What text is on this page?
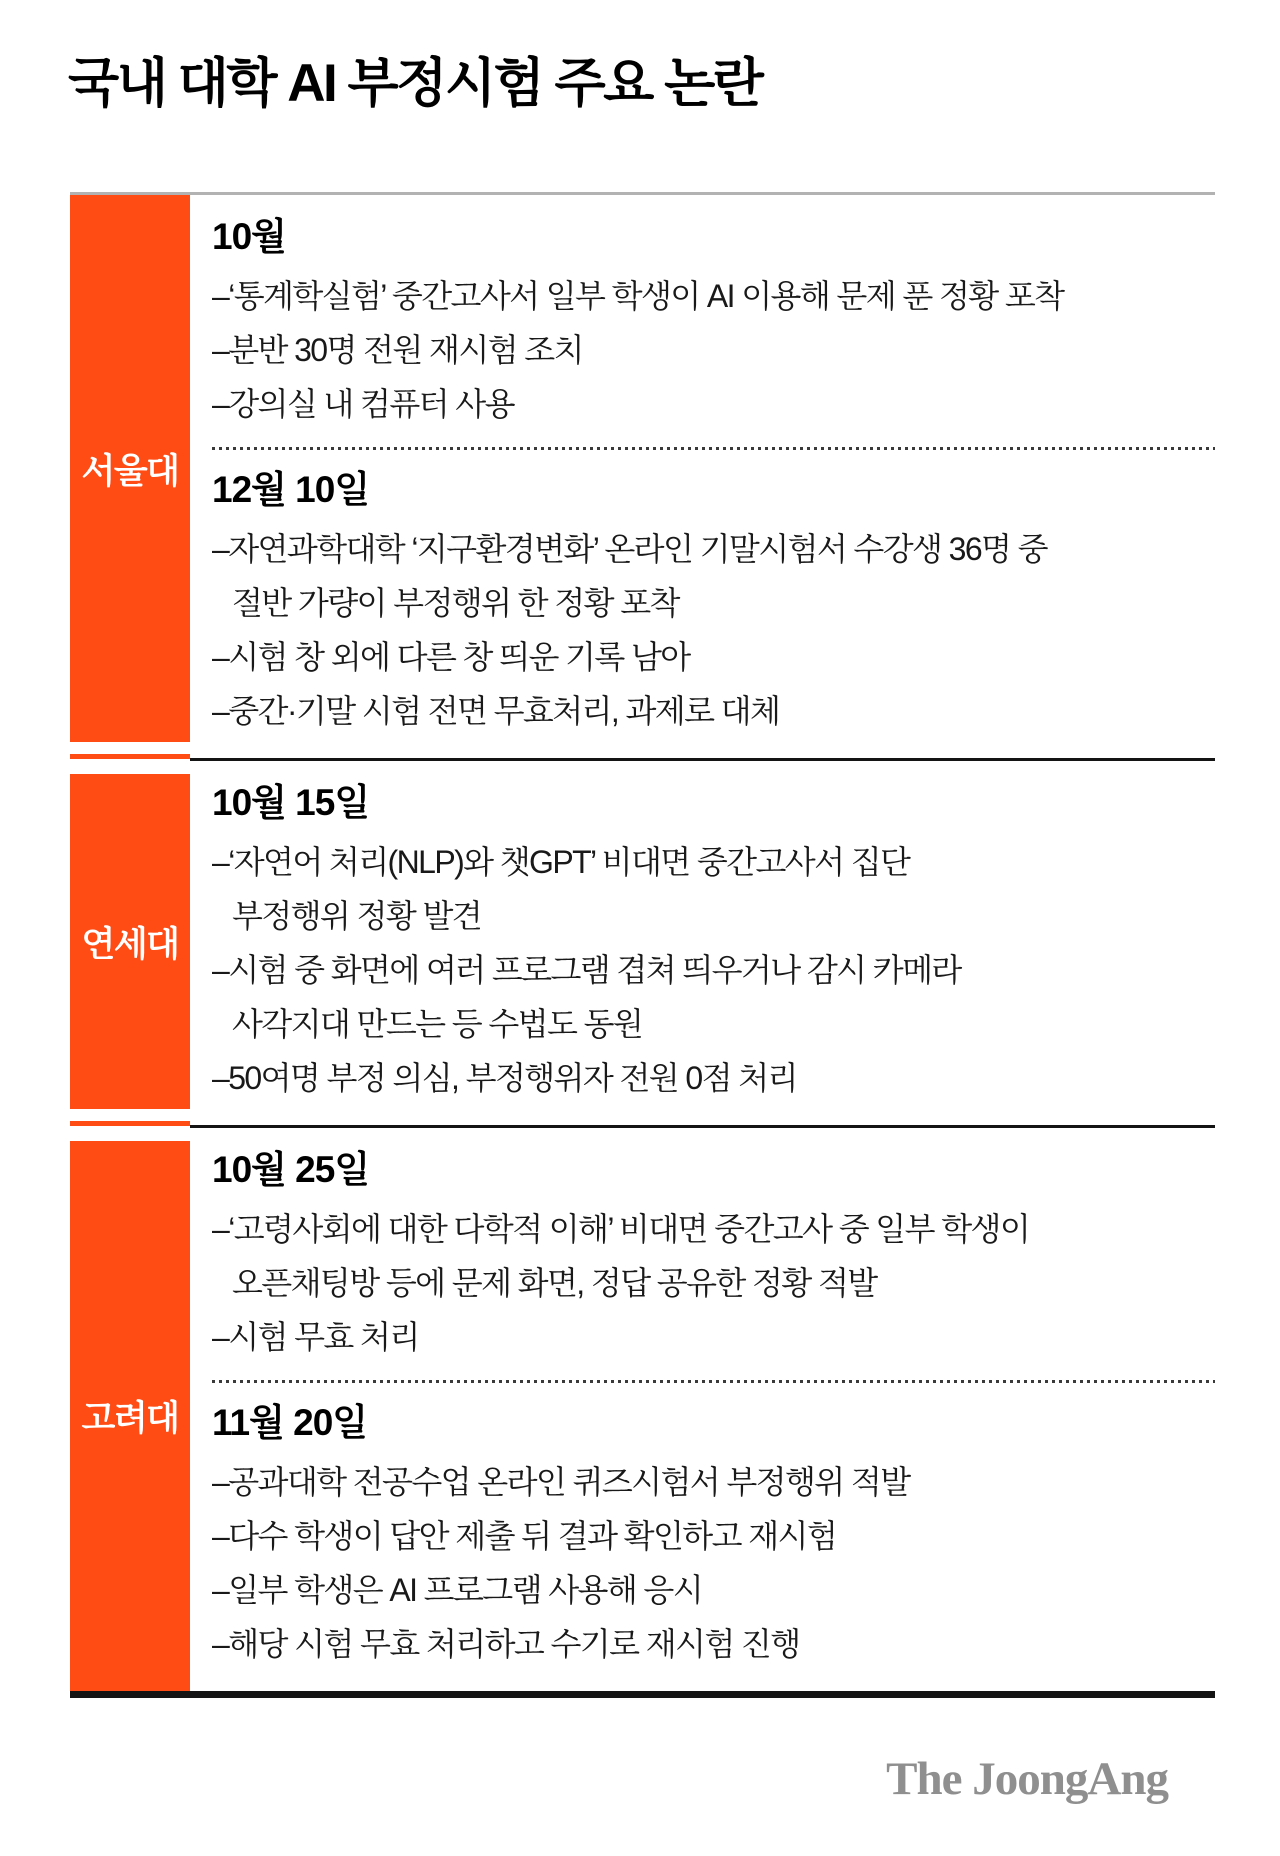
국내 대학 AI 부정시험 주요 논란
서울대
10월
–‘통계학실험’ 중간고사서 일부 학생이 AI 이용해 문제 푼 정황 포착
–분반 30명 전원 재시험 조치
–강의실 내 컴퓨터 사용
12월 10일
–자연과학대학 ‘지구환경변화’ 온라인 기말시험서 수강생 36명 중
절반 가량이 부정행위 한 정황 포착
–시험 창 외에 다른 창 띄운 기록 남아
–중간·기말 시험 전면 무효처리, 과제로 대체
연세대
10월 15일
–‘자연어 처리(NLP)와 챗GPT’ 비대면 중간고사서 집단
부정행위 정황 발견
–시험 중 화면에 여러 프로그램 겹쳐 띄우거나 감시 카메라
사각지대 만드는 등 수법도 동원
–50여명 부정 의심, 부정행위자 전원 0점 처리
고려대
10월 25일
–‘고령사회에 대한 다학적 이해’ 비대면 중간고사 중 일부 학생이
오픈채팅방 등에 문제 화면, 정답 공유한 정황 적발
–시험 무효 처리
11월 20일
–공과대학 전공수업 온라인 퀴즈시험서 부정행위 적발
–다수 학생이 답안 제출 뒤 결과 확인하고 재시험
–일부 학생은 AI 프로그램 사용해 응시
–해당 시험 무효 처리하고 수기로 재시험 진행
The JoongAng
